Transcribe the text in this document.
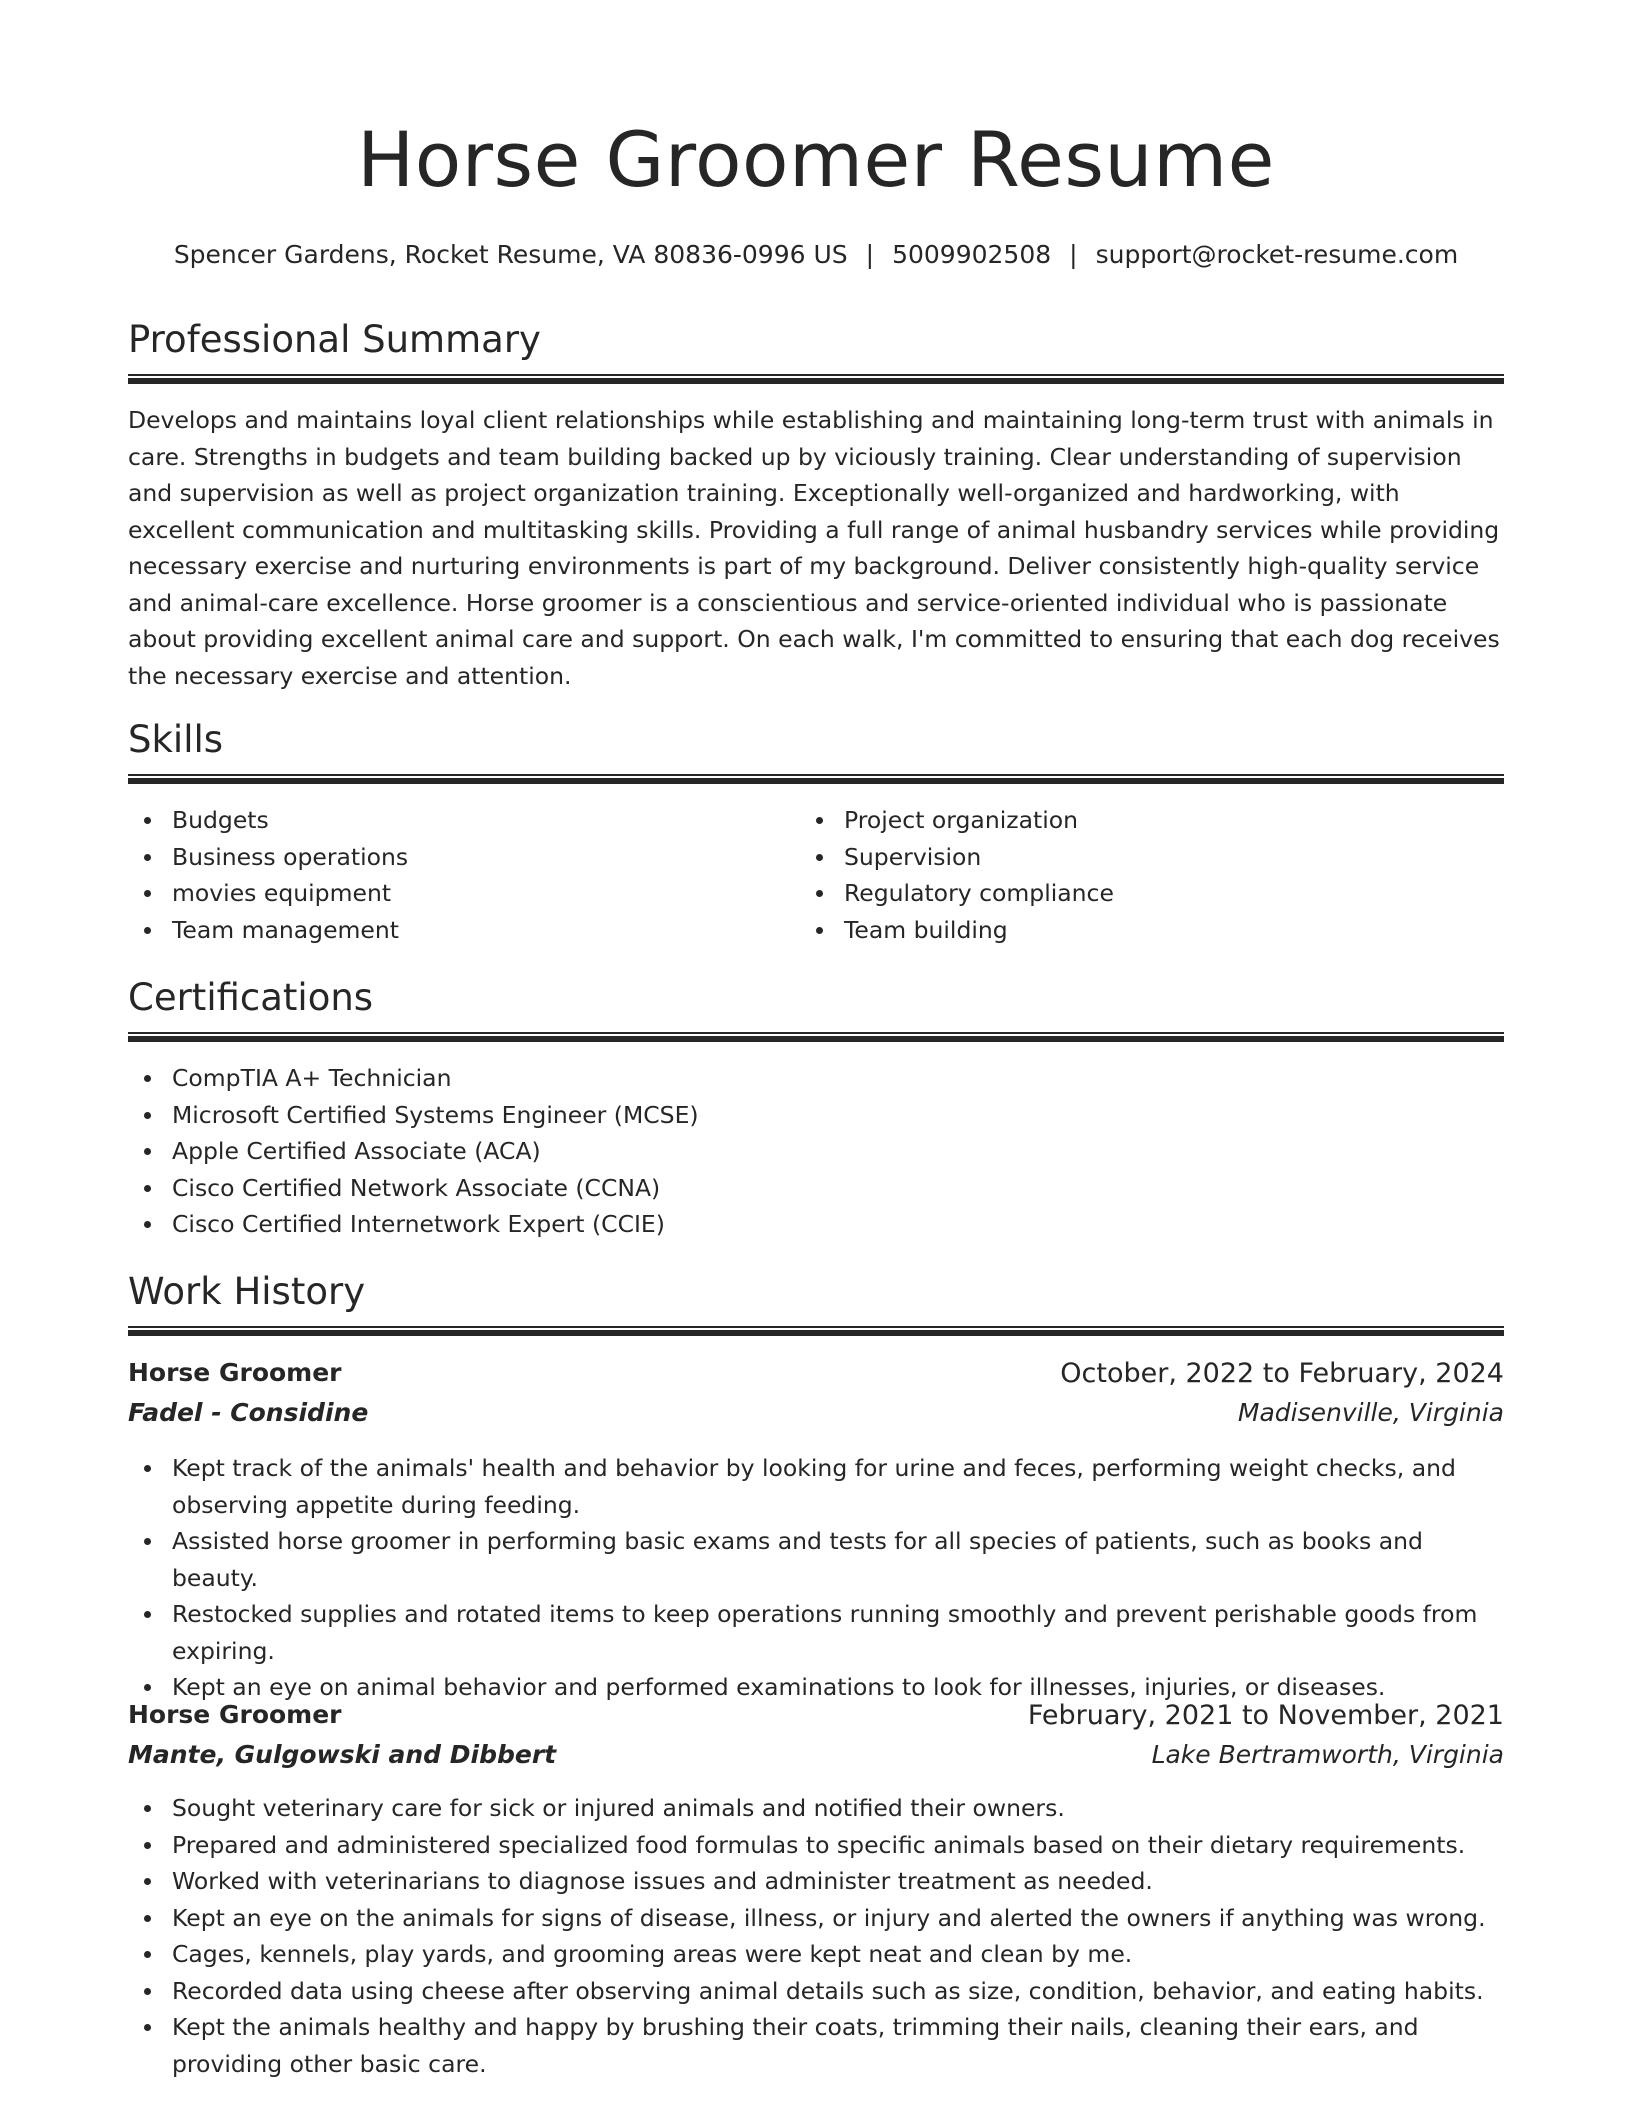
Horse Groomer Resume
Spencer Gardens, Rocket Resume, VA 80836-0996 US | 5009902508 | support@rocket-resume.com
Professional Summary

Develops and maintains loyal client relationships while establishing and maintaining long-term trust with animals in care. Strengths in budgets and team building backed up by viciously training. Clear understanding of supervision and supervision as well as project organization training. Exceptionally well-organized and hardworking, with excellent communication and multitasking skills. Providing a full range of animal husbandry services while providing necessary exercise and nurturing environments is part of my background. Deliver consistently high-quality service and animal-care excellence. Horse groomer is a conscientious and service-oriented individual who is passionate about providing excellent animal care and support. On each walk, I'm committed to ensuring that each dog receives the necessary exercise and attention.

Skills
Budgets
Business operations
movies equipment
Team management
Project organization
Supervision
Regulatory compliance
Team building
Certifications
CompTIA A+ Technician
Microsoft Certified Systems Engineer (MCSE)
Apple Certified Associate (ACA)
Cisco Certified Network Associate (CCNA)
Cisco Certified Internetwork Expert (CCIE)
Work History
Horse Groomer	October, 2022 to February, 2024
Fadel - Considine	Madisenville, Virginia
Kept track of the animals' health and behavior by looking for urine and feces, performing weight checks, and observing appetite during feeding.
Assisted horse groomer in performing basic exams and tests for all species of patients, such as books and beauty.
Restocked supplies and rotated items to keep operations running smoothly and prevent perishable goods from expiring.
Kept an eye on animal behavior and performed examinations to look for illnesses, injuries, or diseases.
Horse Groomer	February, 2021 to November, 2021
Mante, Gulgowski and Dibbert	Lake Bertramworth, Virginia
Sought veterinary care for sick or injured animals and notified their owners.
Prepared and administered specialized food formulas to specific animals based on their dietary requirements.
Worked with veterinarians to diagnose issues and administer treatment as needed.
Kept an eye on the animals for signs of disease, illness, or injury and alerted the owners if anything was wrong.
Cages, kennels, play yards, and grooming areas were kept neat and clean by me.
Recorded data using cheese after observing animal details such as size, condition, behavior, and eating habits.
Kept the animals healthy and happy by brushing their coats, trimming their nails, cleaning their ears, and providing other basic care.
